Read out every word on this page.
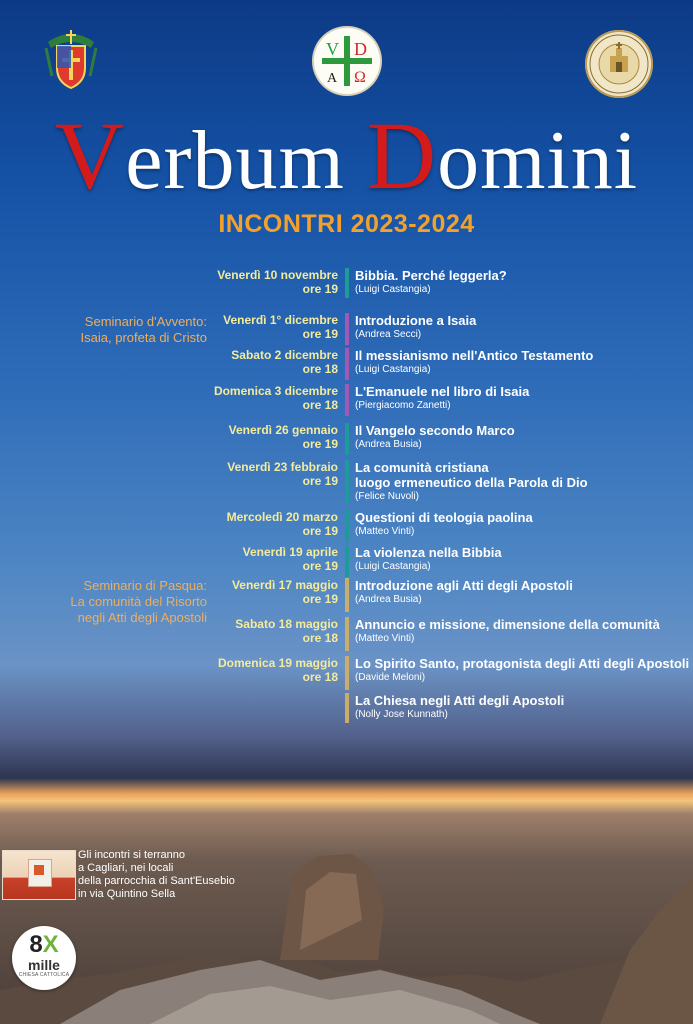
V D
A Ω
Verbum Domini
INCONTRI 2023-2024
Seminario d'Avvento:
Isaia, profeta di Cristo
Seminario di Pasqua:
La comunità del Risorto
negli Atti degli Apostoli
Venerdì 10 novembre
ore 19
Bibbia. Perché leggerla?
(Luigi Castangia)
Venerdì 1° dicembre
ore 19
Introduzione a Isaia
(Andrea Secci)
Sabato 2 dicembre
ore 18
Il messianismo nell'Antico Testamento
(Luigi Castangia)
Domenica 3 dicembre
ore 18
L'Emanuele nel libro di Isaia
(Piergiacomo Zanetti)
Venerdì 26 gennaio
ore 19
Il Vangelo secondo Marco
(Andrea Busia)
Venerdì 23 febbraio
ore 19
La comunità cristiana
luogo ermeneutico della Parola di Dio
(Felice Nuvoli)
Mercoledì 20 marzo
ore 19
Questioni di teologia paolina
(Matteo Vinti)
Venerdì 19 aprile
ore 19
La violenza nella Bibbia
(Luigi Castangia)
Venerdì 17 maggio
ore 19
Introduzione agli Atti degli Apostoli
(Andrea Busia)
Sabato 18 maggio
ore 18
Annuncio e missione, dimensione della comunità
(Matteo Vinti)
Domenica 19 maggio
ore 18
Lo Spirito Santo, protagonista degli Atti degli Apostoli
(Davide Meloni)
La Chiesa negli Atti degli Apostoli
(Nolly Jose Kunnath)
Gli incontri si terranno
a Cagliari, nei locali
della parrocchia di Sant'Eusebio
in via Quintino Sella
8X
mille
CHIESA CATTOLICA
